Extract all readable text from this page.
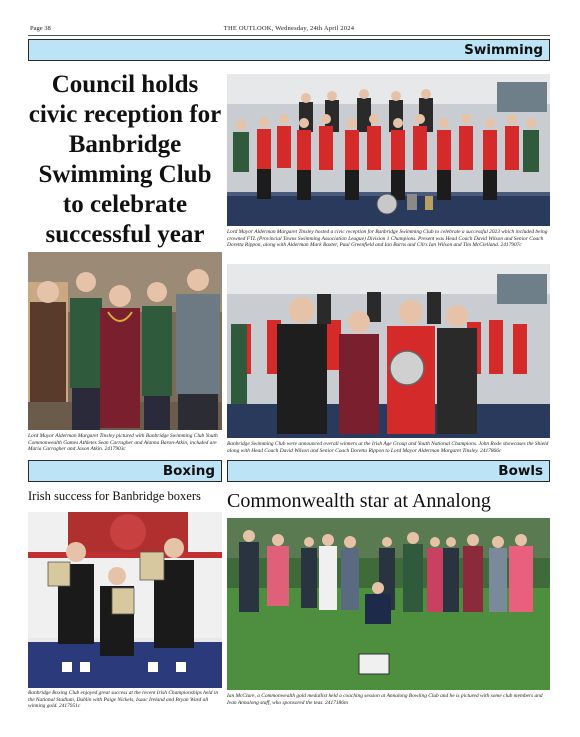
Page 38	THE OUTLOOK, Wednesday, 24th April 2024
Swimming
Council holds civic reception for Banbridge Swimming Club to celebrate successful year	Lord Mayor Alderman Margaret Tinsley hosted a civic reception for Banbridge Swimming Club to celebrate a successful 2023 which included being crowned FTL (Provincial Towns Swimming Association League) Division 1 Champions. Present was Head Coach David Wilson and Senior Coach Doretta Rippon, along with Alderman Mark Baxter, Paul Greenfield and Ian Burns and Cllrs Ian Wilson and Tim McClelland. 2417907c
Lord Mayor Alderman Margaret Tinsley pictured with Banbridge Swimming Club Youth Commonwealth Games Athletes Sean Carragher and Alanna Baron-Atkin, included are Maria Carragher and Jason Atkin. 2417903c
Banbridge Swimming Club were announced overall winners at the Irish Age Group and Youth National Champions. John Rode showcases the Shield along with Head Coach David Wilson and Senior Coach Doretta Rippon to Lord Mayor Alderman Margaret Tinsley. 2417866c
Boxing
Irish success for Banbridge boxers
Banbridge Boxing Club enjoyed great success at the recent Irish Championships held in the National Stadium, Dublin with Paige Nickels, Isaac Ireland and Bryan Ward all winning gold. 2417951c
Bowls
Commonwealth star at Annalong
Ian McClure, a Commonwealth gold medallist held a coaching session at Annalong Bowling Club and he is pictured with some club members and Ivan Annalong staff, who sponsored the teas. 2417186m
